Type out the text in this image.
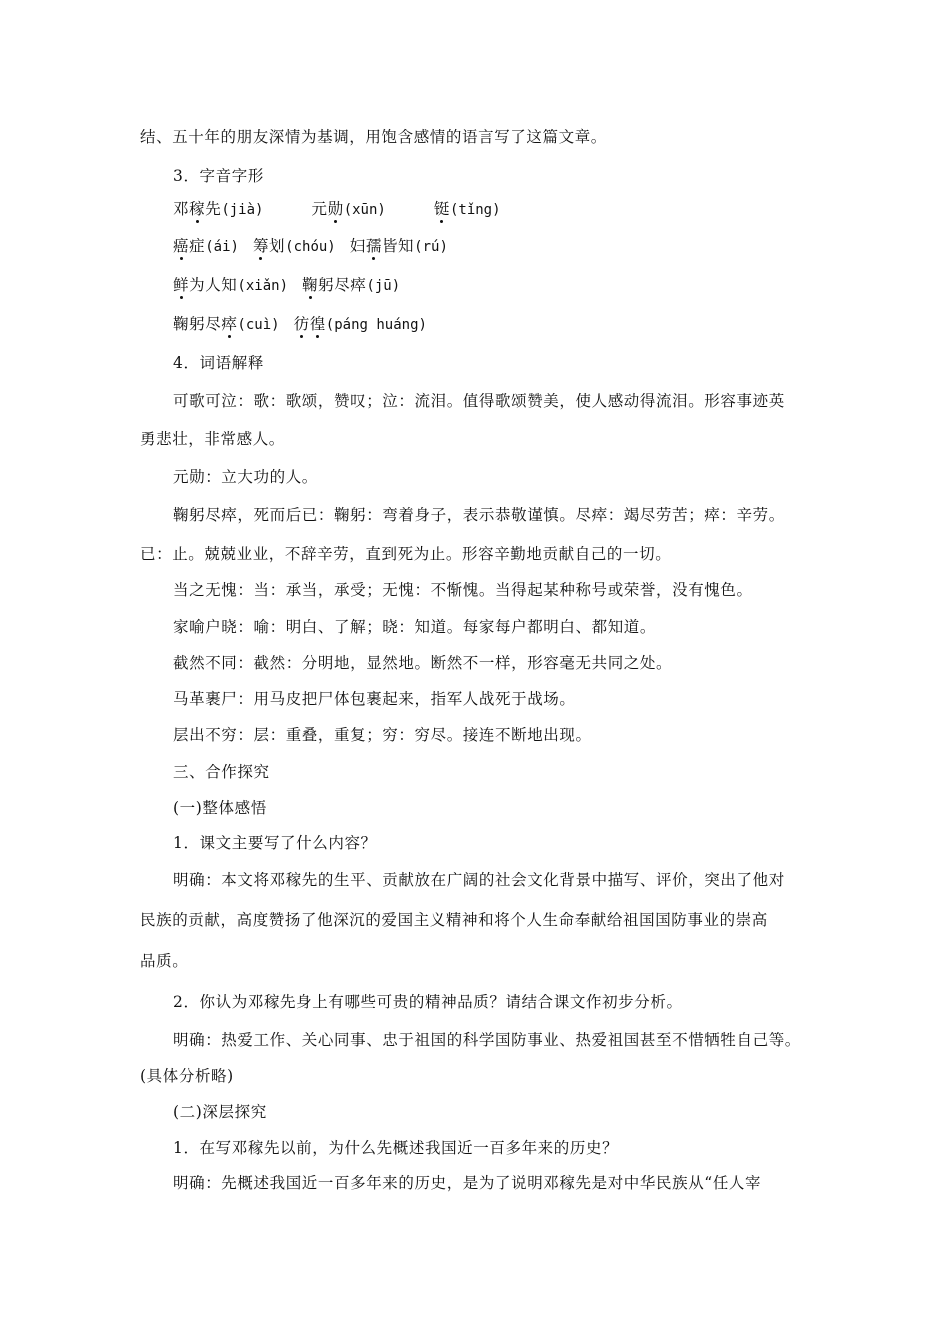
结、五十年的朋友深情为基调，用饱含感情的语言写了这篇文章。
3．字音字形
邓稼先(jià)	元勋(xūn)	铤(tǐng)
癌症(ái) 筹划(chóu) 妇孺皆知(rú)
鲜为人知(xiǎn) 鞠躬尽瘁(jū)
鞠躬尽瘁(cuì) 彷徨(páng huáng)
4．词语解释
可歌可泣：歌：歌颂，赞叹；泣：流泪。值得歌颂赞美，使人感动得流泪。形容事迹英
勇悲壮，非常感人。
元勋：立大功的人。
鞠躬尽瘁，死而后已：鞠躬：弯着身子，表示恭敬谨慎。尽瘁：竭尽劳苦；瘁：辛劳。
已：止。兢兢业业，不辞辛劳，直到死为止。形容辛勤地贡献自己的一切。
当之无愧：当：承当，承受；无愧：不惭愧。当得起某种称号或荣誉，没有愧色。
家喻户晓：喻：明白、了解；晓：知道。每家每户都明白、都知道。
截然不同：截然：分明地，显然地。断然不一样，形容毫无共同之处。
马革裹尸：用马皮把尸体包裹起来，指军人战死于战场。
层出不穷：层：重叠，重复；穷：穷尽。接连不断地出现。
三、合作探究
(一)整体感悟
1．课文主要写了什么内容？
明确：本文将邓稼先的生平、贡献放在广阔的社会文化背景中描写、评价，突出了他对
民族的贡献，高度赞扬了他深沉的爱国主义精神和将个人生命奉献给祖国国防事业的崇高
品质。
2．你认为邓稼先身上有哪些可贵的精神品质？请结合课文作初步分析。
明确：热爱工作、关心同事、忠于祖国的科学国防事业、热爱祖国甚至不惜牺牲自己等。
(具体分析略)
(二)深层探究
1．在写邓稼先以前，为什么先概述我国近一百多年来的历史？
明确：先概述我国近一百多年来的历史，是为了说明邓稼先是对中华民族从“任人宰
